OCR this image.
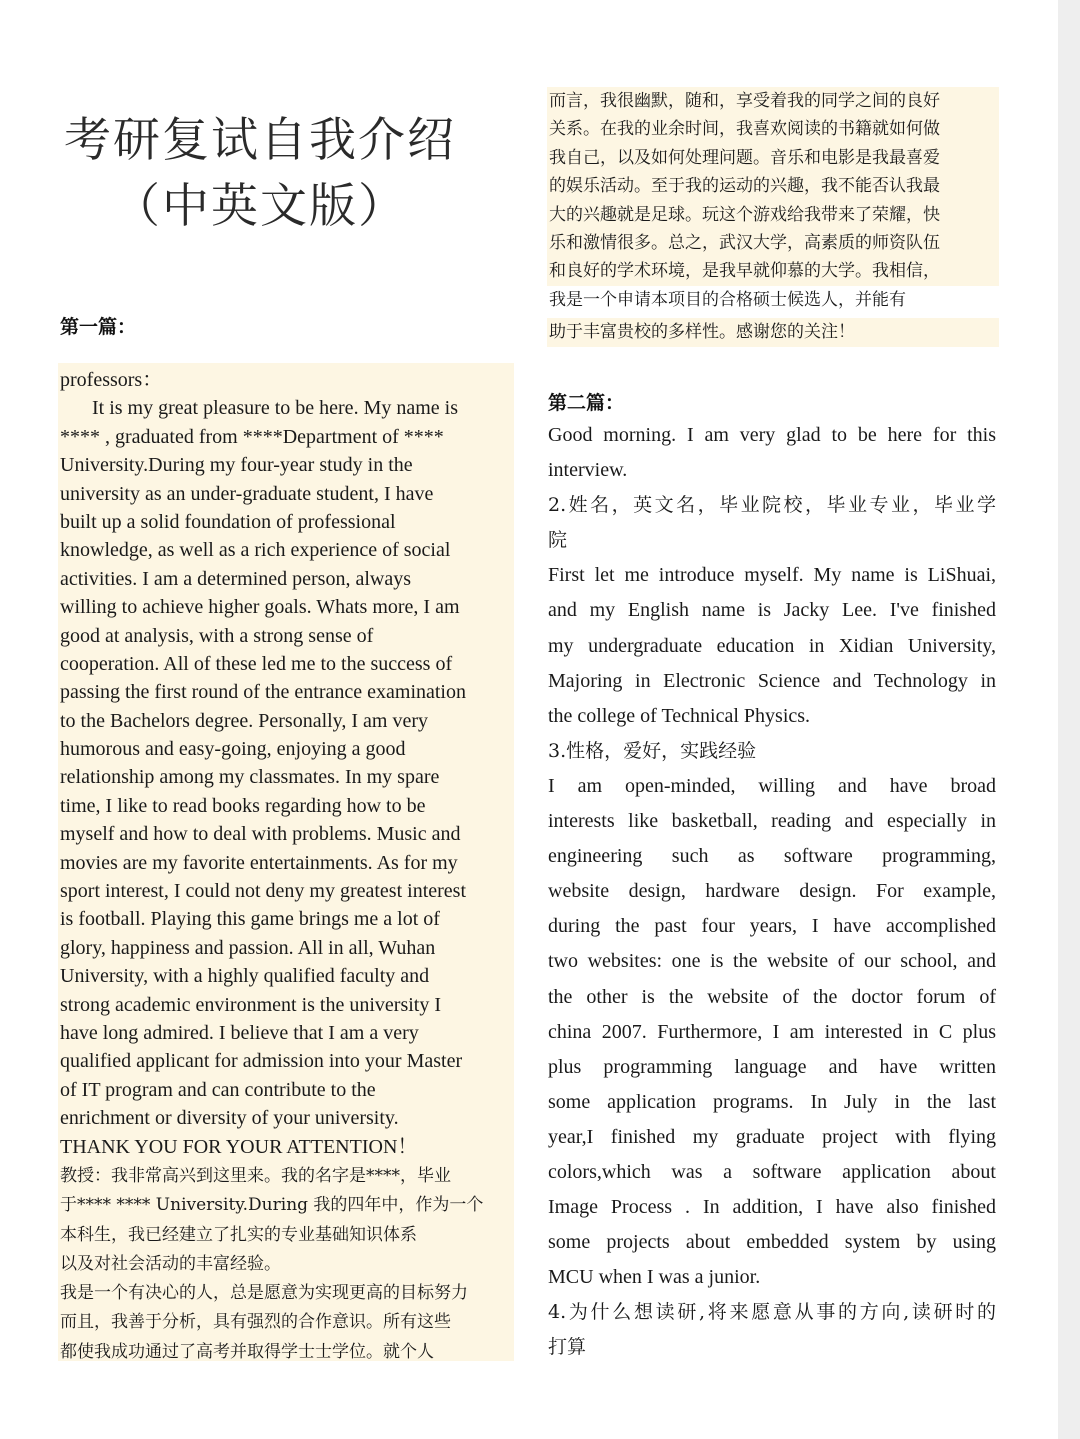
考研复试自我介绍
（中英文版）
第一篇：
professors：
It is my great pleasure to be here. My name is
**** , graduated from ****Department of ****
University.During my four-year study in the
university as an under-graduate student, I have
built up a solid foundation of professional
knowledge, as well as a rich experience of social
activities. I am a determined person, always
willing to achieve higher goals. Whats more, I am
good at analysis, with a strong sense of
cooperation. All of these led me to the success of
passing the first round of the entrance examination
to the Bachelors degree. Personally, I am very
humorous and easy-going, enjoying a good
relationship among my classmates. In my spare
time, I like to read books regarding how to be
myself and how to deal with problems. Music and
movies are my favorite entertainments. As for my
sport interest, I could not deny my greatest interest
is football. Playing this game brings me a lot of
glory, happiness and passion. All in all, Wuhan
University, with a highly qualified faculty and
strong academic environment is the university I
have long admired. I believe that I am a very
qualified applicant for admission into your Master
of IT program and can contribute to the
enrichment or diversity of your university.
THANK YOU FOR YOUR ATTENTION！
教授：我非常高兴到这里来。我的名字是****，毕业
于**** **** University.During 我的四年中，作为一个
本科生，我已经建立了扎实的专业基础知识体系
以及对社会活动的丰富经验。
我是一个有决心的人，总是愿意为实现更高的目标努力
而且，我善于分析，具有强烈的合作意识。所有这些
都使我成功通过了高考并取得学士士学位。就个人
而言，我很幽默，随和，享受着我的同学之间的良好
关系。在我的业余时间，我喜欢阅读的书籍就如何做
我自己，以及如何处理问题。音乐和电影是我最喜爱
的娱乐活动。至于我的运动的兴趣，我不能否认我最
大的兴趣就是足球。玩这个游戏给我带来了荣耀，快
乐和激情很多。总之，武汉大学，高素质的师资队伍
和良好的学术环境，是我早就仰慕的大学。我相信，
我是一个申请本项目的合格硕士候选人，并能有
助于丰富贵校的多样性。感谢您的关注！
第二篇：
Good morning. I am very glad to be here for this
interview.
2.姓名，英文名，毕业院校，毕业专业，毕业学
院
First let me introduce myself. My name is LiShuai,
and my English name is Jacky Lee. I've finished
my undergraduate education in Xidian University,
Majoring in Electronic Science and Technology in
the college of Technical Physics.
3.性格，爱好，实践经验
I am open-minded, willing and have broad
interests like basketball, reading and especially in
engineering such as software programming,
website design, hardware design. For example,
during the past four years, I have accomplished
two websites: one is the website of our school, and
the other is the website of the doctor forum of
china 2007. Furthermore, I am interested in C plus
plus programming language and have written
some application programs. In July in the last
year,I finished my graduate project with flying
colors,which was a software application about
Image Process . In addition, I have also finished
some projects about embedded system by using
MCU when I was a junior.
4.为什么想读研,将来愿意从事的方向,读研时的
打算
